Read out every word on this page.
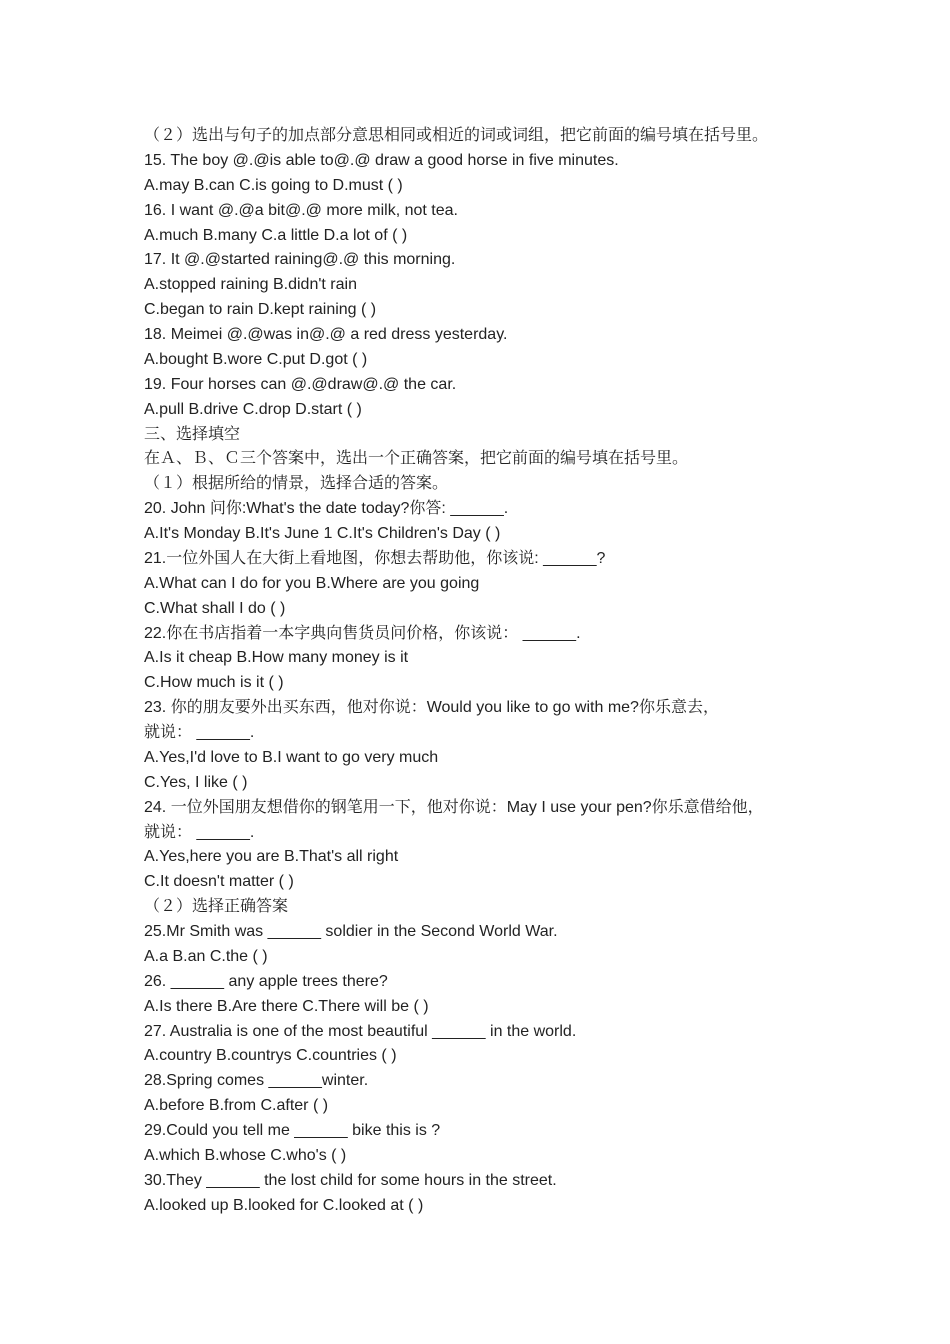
（２）选出与句子的加点部分意思相同或相近的词或词组，把它前面的编号填在括号里。
15. The boy @.@is able to@.@ draw a good horse in five minutes.
A.may B.can C.is going to D.must ( )
16. I want @.@a bit@.@ more milk, not tea.
A.much B.many C.a little D.a lot of ( )
17. It @.@started raining@.@ this morning.
A.stopped raining B.didn't rain
C.began to rain D.kept raining ( )
18. Meimei @.@was in@.@ a red dress yesterday.
A.bought B.wore C.put D.got ( )
19. Four horses can @.@draw@.@ the car.
A.pull B.drive C.drop D.start ( )
三、选择填空
在Ａ、Ｂ、Ｃ三个答案中，选出一个正确答案，把它前面的编号填在括号里。
（１）根据所给的情景，选择合适的答案。
20. John 问你:What's the date today?你答: ______.
A.It's Monday B.It's June 1 C.It's Children's Day ( )
21.一位外国人在大街上看地图，你想去帮助他，你该说: ______?
A.What can I do for you B.Where are you going
C.What shall I do ( )
22.你在书店指着一本字典向售货员问价格，你该说： ______.
A.Is it cheap B.How many money is it
C.How much is it ( )
23. 你的朋友要外出买东西，他对你说：Would you like to go with me?你乐意去，
就说： ______.
A.Yes,I'd love to B.I want to go very much
C.Yes, I like ( )
24. 一位外国朋友想借你的钢笔用一下，他对你说：May I use your pen?你乐意借给他，
就说： ______.
A.Yes,here you are B.That's all right
C.It doesn't matter ( )
（２）选择正确答案
25.Mr Smith was ______ soldier in the Second World War.
A.a B.an C.the ( )
26. ______ any apple trees there?
A.Is there B.Are there C.There will be ( )
27. Australia is one of the most beautiful ______ in the world.
A.country B.countrys C.countries ( )
28.Spring comes ______winter.
A.before B.from C.after ( )
29.Could you tell me ______ bike this is ?
A.which B.whose C.who's ( )
30.They ______ the lost child for some hours in the street.
A.looked up B.looked for C.looked at ( )
